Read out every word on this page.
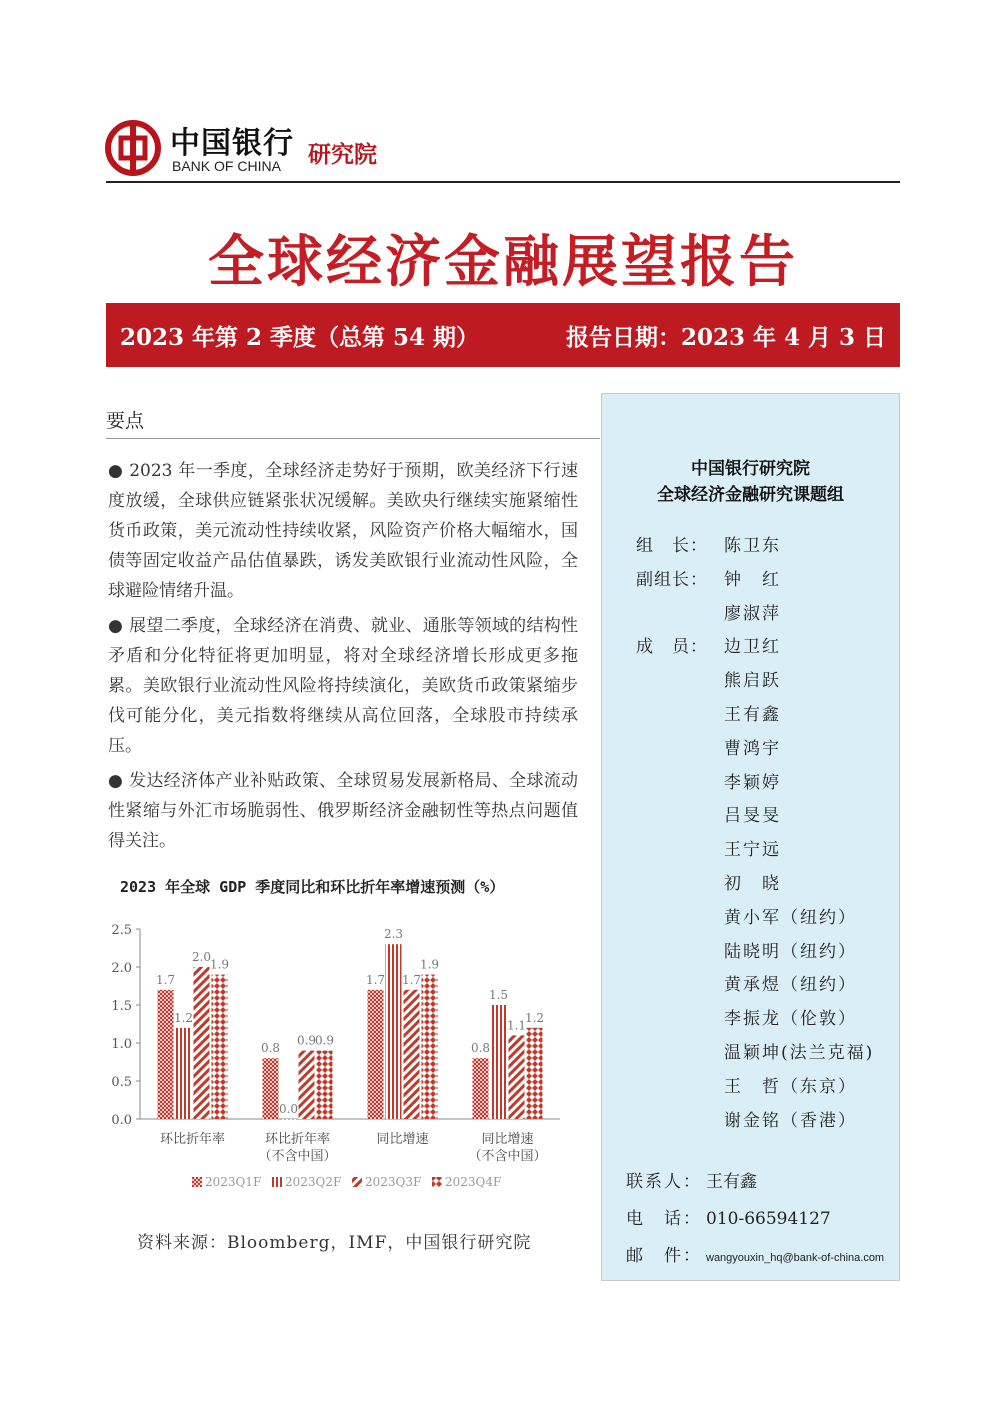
中国银行
BANK OF CHINA 研究院
全球经济金融展望报告
2023 年第 2 季度（总第 54 期）	报告日期：2023 年 4 月 3 日
要点

● 2023 年一季度，全球经济走势好于预期，欧美经济下行速度放缓，全球供应链紧张状况缓解。美欧央行继续实施紧缩性货币政策，美元流动性持续收紧，风险资产价格大幅缩水，国债等固定收益产品估值暴跌，诱发美欧银行业流动性风险，全球避险情绪升温。

● 展望二季度，全球经济在消费、就业、通胀等领域的结构性矛盾和分化特征将更加明显，将对全球经济增长形成更多拖累。美欧银行业流动性风险将持续演化，美欧货币政策紧缩步伐可能分化，美元指数将继续从高位回落，全球股市持续承压。

● 发达经济体产业补贴政策、全球贸易发展新格局、全球流动性紧缩与外汇市场脆弱性、俄罗斯经济金融韧性等热点问题值得关注。

2023 年全球 GDP 季度同比和环比折年率增速预测（%）
0.0
0.5
1.0
1.5
2.0
2.5
1.7
1.2
2.0
1.9
环比折年率
0.8
0.0
0.9
0.9
环比折年率（不含中国）
1.7
2.3
1.7
1.9
同比增速
0.8
1.5
1.1
1.2
同比增速（不含中国）
2023Q1F 2023Q2F 2023Q3F 2023Q4F
资料来源：Bloomberg，IMF，中国银行研究院
中国银行研究院
全球经济金融研究课题组
组　长： 陈卫东
副组长： 钟　红
廖淑萍
成　员： 边卫红
熊启跃
王有鑫
曹鸿宇
李颖婷
吕旻旻
王宁远
初　晓
黄小军（纽约）
陆晓明（纽约）
黄承煜（纽约）
李振龙（伦敦）
温颖坤(法兰克福)
王　哲（东京）
谢金铭（香港）
联系人： 王有鑫
电　话： 010-66594127
邮　件： wangyouxin_hq@bank-of-china.com
